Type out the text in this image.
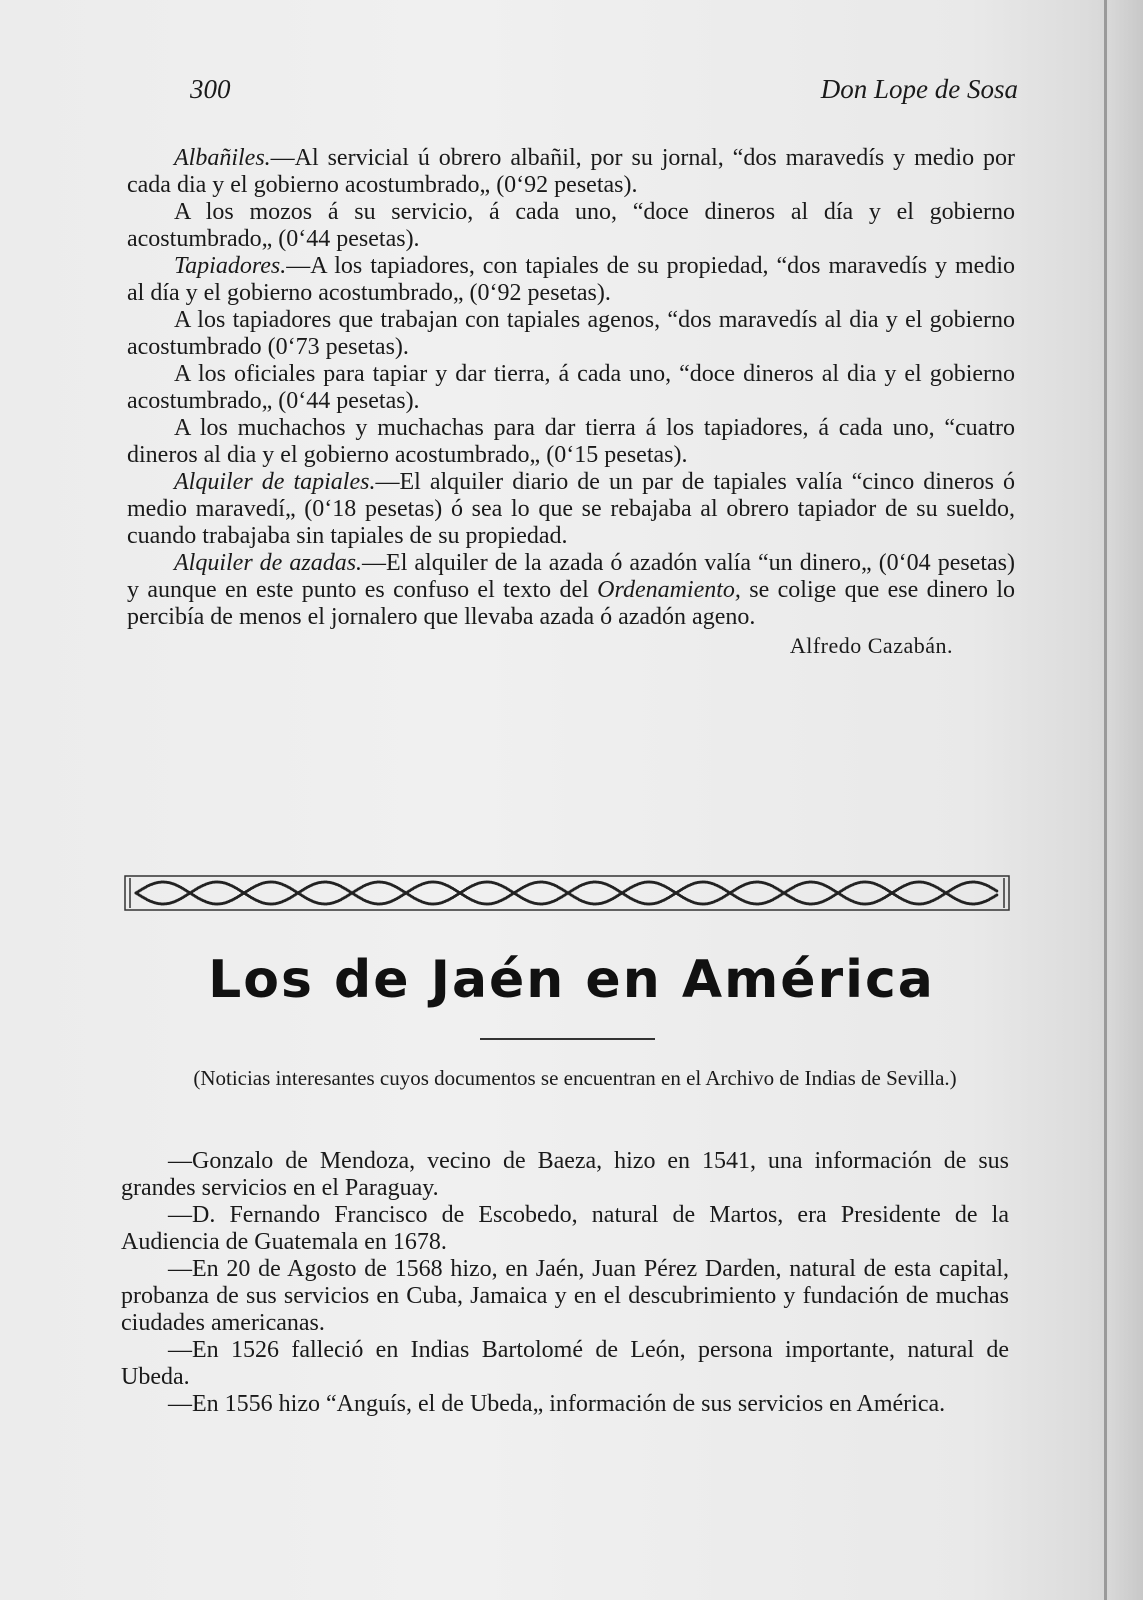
300	Don Lope de Sosa

Albañiles.—Al servicial ú obrero albañil, por su jornal, “dos maravedís y medio por cada dia y el gobierno acostumbrado„ (0‘92 pesetas).

A los mozos á su servicio, á cada uno, “doce dineros al día y el gobierno acostumbrado„ (0‘44 pesetas).

Tapiadores.—A los tapiadores, con tapiales de su propiedad, “dos maravedís y medio al día y el gobierno acostumbrado„ (0‘92 pesetas).

A los tapiadores que trabajan con tapiales agenos, “dos maravedís al dia y el gobierno acostumbrado (0‘73 pesetas).

A los oficiales para tapiar y dar tierra, á cada uno, “doce dineros al dia y el gobierno acostumbrado„ (0‘44 pesetas).

A los muchachos y muchachas para dar tierra á los tapiadores, á cada uno, “cuatro dineros al dia y el gobierno acostumbrado„ (0‘15 pesetas).

Alquiler de tapiales.—El alquiler diario de un par de tapiales valía “cinco dineros ó medio maravedí„ (0‘18 pesetas) ó sea lo que se rebajaba al obrero tapiador de su sueldo, cuando trabajaba sin tapiales de su propiedad.

Alquiler de azadas.—El alquiler de la azada ó azadón valía “un dinero„ (0‘04 pesetas) y aunque en este punto es confuso el texto del Ordenamiento, se colige que ese dinero lo percibía de menos el jornalero que llevaba azada ó azadón ageno.

Alfredo Cazabán.
Los de Jaén en América
(Noticias interesantes cuyos documentos se encuentran en el Archivo de Indias de Sevilla.)

—Gonzalo de Mendoza, vecino de Baeza, hizo en 1541, una información de sus grandes servicios en el Paraguay.

—D. Fernando Francisco de Escobedo, natural de Martos, era Presidente de la Audiencia de Guatemala en 1678.

—En 20 de Agosto de 1568 hizo, en Jaén, Juan Pérez Darden, natural de esta capital, probanza de sus servicios en Cuba, Jamaica y en el descubrimiento y fundación de muchas ciudades americanas.

—En 1526 falleció en Indias Bartolomé de León, persona importante, natural de Ubeda.

—En 1556 hizo “Anguís, el de Ubeda„ información de sus servicios en América.
